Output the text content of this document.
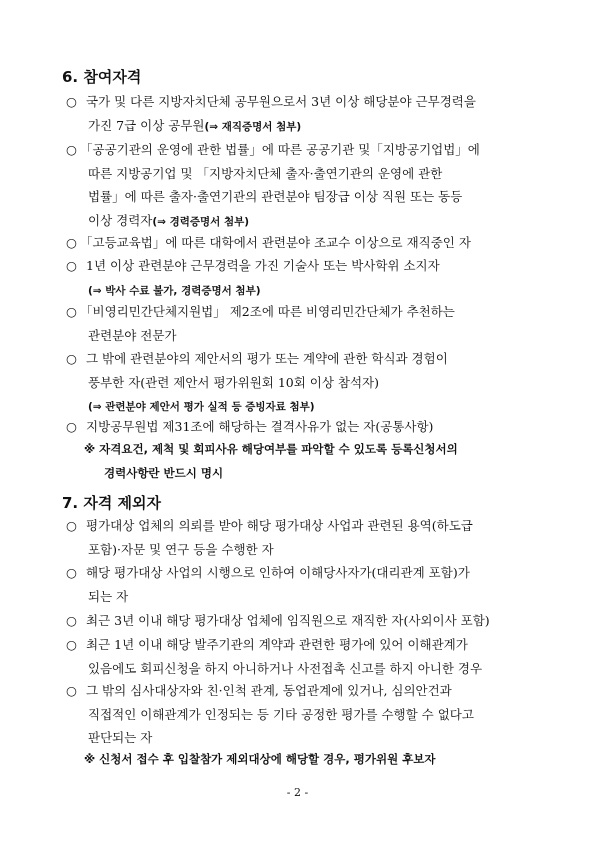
6. 참여자격
○ 국가 및 다른 지방자치단체 공무원으로서 3년 이상 해당분야 근무경력을
가진 7급 이상 공무원(⇒ 재직증명서 첨부)
○ 「공공기관의 운영에 관한 법률」에 따른 공공기관 및「지방공기업법」에
따른 지방공기업 및 「지방자치단체 출자·출연기관의 운영에 관한
법률」에 따른 출자·출연기관의 관련분야 팀장급 이상 직원 또는 동등
이상 경력자(⇒ 경력증명서 첨부)
○ 「고등교육법」에 따른 대학에서 관련분야 조교수 이상으로 재직중인 자
○ 1년 이상 관련분야 근무경력을 가진 기술사 또는 박사학위 소지자
(⇒ 박사 수료 불가, 경력증명서 첨부)
○ 「비영리민간단체지원법」 제2조에 따른 비영리민간단체가 추천하는
관련분야 전문가
○ 그 밖에 관련분야의 제안서의 평가 또는 계약에 관한 학식과 경험이
풍부한 자(관련 제안서 평가위원회 10회 이상 참석자)
(⇒ 관련분야 제안서 평가 실적 등 증빙자료 첨부)
○ 지방공무원법 제31조에 해당하는 결격사유가 없는 자(공통사항)
※ 자격요건, 제척 및 회피사유 해당여부를 파악할 수 있도록 등록신청서의
경력사항란 반드시 명시
7. 자격 제외자
○ 평가대상 업체의 의뢰를 받아 해당 평가대상 사업과 관련된 용역(하도급
포함)·자문 및 연구 등을 수행한 자
○ 해당 평가대상 사업의 시행으로 인하여 이해당사자가(대리관계 포함)가
되는 자
○ 최근 3년 이내 해당 평가대상 업체에 임직원으로 재직한 자(사외이사 포함)
○ 최근 1년 이내 해당 발주기관의 계약과 관련한 평가에 있어 이해관계가
있음에도 회피신청을 하지 아니하거나 사전접촉 신고를 하지 아니한 경우
○ 그 밖의 심사대상자와 친·인척 관계, 동업관계에 있거나, 심의안건과
직접적인 이해관계가 인정되는 등 기타 공정한 평가를 수행할 수 없다고
판단되는 자
※ 신청서 접수 후 입찰참가 제외대상에 해당할 경우, 평가위원 후보자
- 2 -
